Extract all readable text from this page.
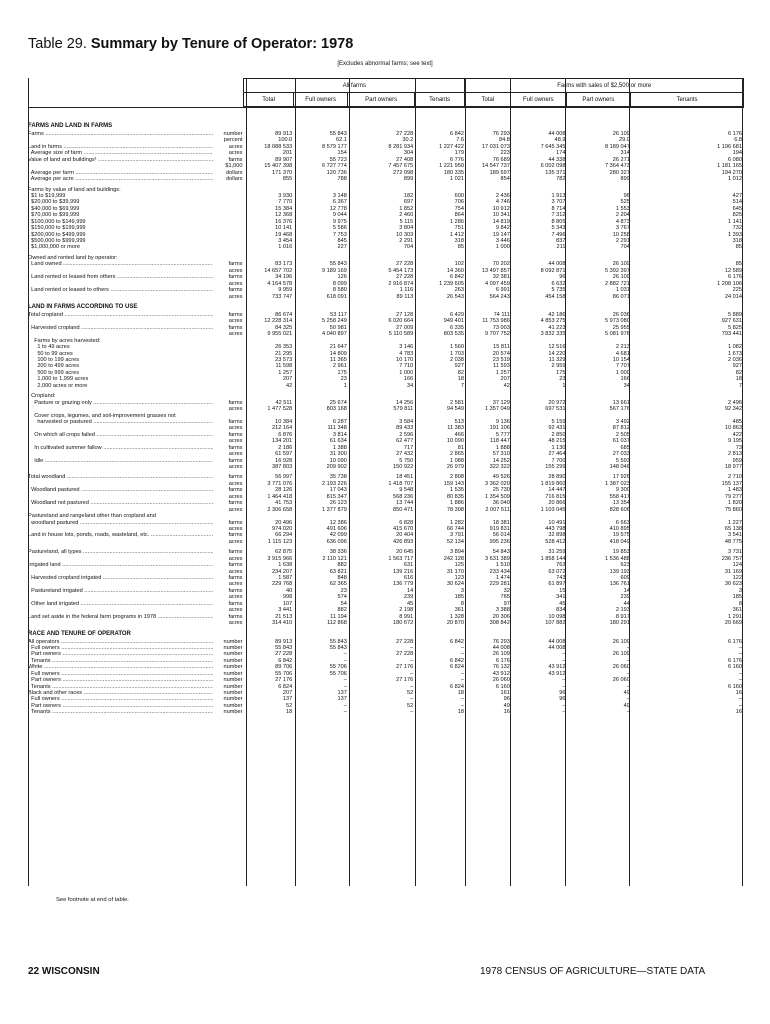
Table 29. Summary by Tenure of Operator: 1978
[Excludes abnormal farms; see text]
	All farms				Farms with sales of $2,500 or more			
	Total	Full owners	Part owners	Tenants	Total	Full owners	Part owners	Tenants
FARMS AND LAND IN FARMS
Farms .....	number	89 913	55 843	27 228	6 842	76 293	44 008	26 109	6 176
percent	100.0	62.1	30.2	7.6	84.8	48.9	29.0	6.8
Land in farms .....	acres	18 088 533	8 579 177	8 281 934	1 227 422	17 031 073	7 645 345	8 189 047	1 196 681
Average size of farm .....	acres	201	154	304	179	223	174	314	194
Value of land and buildings¹ .....	farms	89 907	55 723	27 408	6 776	76 689	44 338	26 271	6 080
$1,000	15 407 398	6 727 774	7 457 675	1 221 950	14 547 737	6 002 098	7 364 473	1 181 165
Average per farm .....	dollars	171 370	120 736	272 098	180 335	189 697	135 371	280 327	194 270
Average per acre .....	dollars	855	788	899	1 021	854	782	899	1 012
Farms by value of land and buildings:
$1 to $19,999	3 930	3 148	182	600	2 436	1 913	96	427
$20,000 to $39,999	7 770	6 367	697	706	4 746	3 707	525	514
$40,000 to $69,999	15 384	12 778	1 852	754	10 912	8 714	1 553	645
$70,000 to $99,999	12 368	9 044	2 460	864	10 341	7 312	2 204	825
$100,000 to $149,999	16 376	9 975	5 115	1 286	14 819	8 805	4 873	1 141
$150,000 to $199,999	10 141	5 586	3 804	751	9 842	5 343	3 767	732
$200,000 to $499,999	19 468	7 753	10 303	1 412	19 147	7 496	10 258	1 393
$500,000 to $999,999	3 454	845	2 291	318	3 446	837	2 291	318
$1,000,000 or more	1 016	227	704	85	1 000	211	704	85
Owned and rented land by operator:
Land owned .....	farms	83 173	55 843	27 228	102	70 202	44 008	26 109	85
acres	14 657 702	9 189 169	5 454 173	14 360	13 497 857	8 092 871	5 392 397	12 589
Land rented or leased from others .....	farms	34 196	126	27 228	6 842	32 381	96	26 109	6 176
acres	4 164 578	8 099	2 916 874	1 239 605	4 097 459	6 632	2 882 721	1 208 106
Land rented or leased to others .....	farms	9 959	8 580	1 116	263	6 991	5 735	1 031	225
acres	733 747	618 091	89 113	26 543	564 243	454 158	86 071	24 014
LAND IN FARMS ACCORDING TO USE
Total cropland .....	farms	86 674	53 117	27 128	6 429	74 111	42 186	26 036	5 889
acres	12 228 314	5 258 249	6 020 664	949 401	11 753 986	4 853 275	5 973 080	927 631
Harvested cropland .....	farms	84 325	50 981	27 009	6 335	73 003	41 223	25 955	5 825
acres	9 955 021	4 040 897	5 110 589	803 535	9 707 752	3 832 335	5 081 976	793 441
Farms by acres harvested:
1 to 49 acres	26 353	21 647	3 146	1 560	15 811	12 516	2 213	1 082
50 to 99 acres	21 295	14 809	4 783	1 703	20 574	14 220	4 681	1 673
100 to 199 acres	23 573	11 365	10 170	2 038	23 519	11 329	10 154	2 036
200 to 499 acres	11 598	2 961	7 710	927	11 593	2 959	7 707	927
500 to 999 acres	1 257	175	1 000	82	1 257	175	1 000	82
1,000 to 1,999 acres	207	23	166	18	207	23	166	18
2,000 acres or more	42	1	34	7	42	1	34	7
Cropland:
Pasture or grazing only .....	farms	42 511	25 674	14 256	2 581	37 129	20 972	13 661	2 496
acres	1 477 528	803 168	579 811	94 549	1 357 049	697 531	567 176	92 342
Cover crops, legumes, and soil-improvement grasses not
harvested or pastured .....	farms	10 384	6 287	3 584	513	9 136	5 159	3 492	485
acres	212 164	111 348	89 433	11 383	191 106	92 431	87 812	10 863
On which all crops failed .....	farms	6 876	3 814	2 596	466	5 777	2 850	2 505	422
acres	134 201	61 634	62 477	10 090	118 447	48 215	61 037	9 195
In cultivated summer fallow .....	farms	2 186	1 388	717	81	1 888	1 130	685	73
acres	61 597	31 300	27 432	2 865	57 310	27 464	27 033	2 813
Idle .....	farms	16 928	10 090	5 750	1 088	14 252	7 700	5 593	959
acres	387 803	209 902	150 922	26 979	322 322	155 299	148 046	18 977
Total woodland .....	farms	56 997	35 738	18 451	2 808	49 526	28 890	17 926	2 710
acres	3 771 076	2 193 226	1 418 707	159 143	3 362 020	1 819 860	1 387 023	155 137
Woodland pastured .....	farms	28 126	17 043	9 548	1 535	25 730	14 447	9 300	1 483
acres	1 464 418	815 347	568 236	80 835	1 354 509	716 815	558 417	79 277
Woodland not pastured .....	farms	41 753	26 123	13 744	1 886	36 040	20 866	13 354	1 820
acres	2 306 658	1 377 879	850 471	78 308	2 007 511	1 103 045	828 606	75 860
Pastureland and rangeland other than cropland and
woodland pastured .....	farms	20 496	12 386	6 828	1 282	18 381	10 491	6 663	1 227
acres	974 020	491 606	415 670	66 744	919 831	443 798	410 895	65 138
Land in house lots, ponds, roads, wasteland, etc. .....	farms	66 294	42 099	20 404	3 791	56 014	32 898	19 575	3 541
acres	1 115 123	636 096	426 893	52 134	995 236	528 412	418 049	48 775
Pastureland, all types .....	farms	62 875	38 336	20 645	3 894	54 843	31 259	19 853	3 731
acres	3 915 966	2 110 121	1 563 717	242 128	3 631 389	1 858 144	1 536 488	236 757
Irrigated land .....	farms	1 638	882	631	125	1 510	763	623	124
acres	234 207	63 821	139 216	31 170	233 434	63 072	139 193	31 169
Harvested cropland irrigated .....	farms	1 587	848	616	123	1 474	743	609	122
acres	229 768	62 365	136 779	30 624	229 281	61 897	136 761	30 623
Pastureland irrigated .....	farms	40	23	14	3	32	15	14	3
acres	998	574	239	185	765	341	239	185
Other land irrigated .....	farms	107	54	45	8	97	45	44	8
acres	3 441	882	2 198	361	3 388	834	2 193	361
Land set aside in the federal farm programs in 1978 .....	farms	21 513	11 194	8 991	1 328	20 306	10 098	8 917	1 291
acres	314 410	112 868	180 672	20 870	308 842	107 882	180 291	20 669
RACE AND TENURE OF OPERATOR
All operators .....	number	89 913	55 843	27 228	6 842	76 293	44 008	26 109	6 176
Full owners .....	number	55 843	55 843	–	–	44 008	44 008	–	–
Part owners .....	number	27 228	–	27 228	–	26 109	–	26 109	–
Tenants .....	number	6 842	–	–	6 842	6 176	–	–	6 176
White .....	number	89 706	55 706	27 176	6 824	76 132	43 912	26 060	6 160
Full owners .....	number	55 706	55 706	–	–	43 912	43 912	–	–
Part owners .....	number	27 176	–	27 176	–	26 060	–	26 060	–
Tenants .....	number	6 824	–	–	6 824	6 160	–	–	6 160
Black and other races .....	number	207	137	52	18	161	96	49	16
Full owners .....	number	137	137	–	–	96	96	–	–
Part owners .....	number	52	–	52	–	49	–	49	–
Tenants .....	number	18	–	–	18	16	–	–	16
See footnote at end of table.
22 WISCONSIN	1978 CENSUS OF AGRICULTURE—STATE DATA
